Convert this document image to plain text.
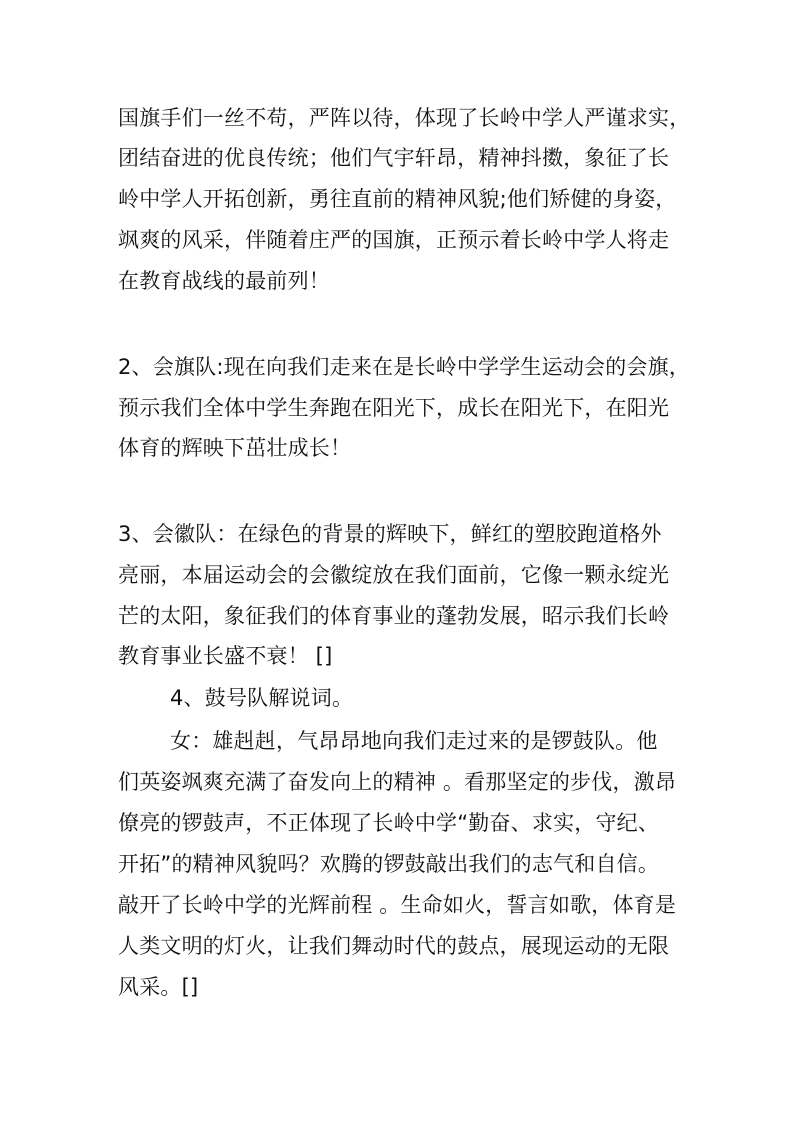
国旗手们一丝不苟，严阵以待，体现了长岭中学人严谨求实，
团结奋进的优良传统；他们气宇轩昂，精神抖擞，象征了长
岭中学人开拓创新，勇往直前的精神风貌;他们矫健的身姿，
飒爽的风采，伴随着庄严的国旗，正预示着长岭中学人将走
在教育战线的最前列！
2、会旗队:现在向我们走来在是长岭中学学生运动会的会旗，
预示我们全体中学生奔跑在阳光下，成长在阳光下，在阳光
体育的辉映下茁壮成长！
3、会徽队：在绿色的背景的辉映下，鲜红的塑胶跑道格外
亮丽，本届运动会的会徽绽放在我们面前，它像一颗永绽光
芒的太阳，象征我们的体育事业的蓬勃发展，昭示我们长岭
教育事业长盛不衰！ []
4、鼓号队解说词。
女：雄赳赳，气昂昂地向我们走过来的是锣鼓队。他
们英姿飒爽充满了奋发向上的精神 。看那坚定的步伐，激昂
僚亮的锣鼓声，不正体现了长岭中学“勤奋、求实，守纪、
开拓”的精神风貌吗？欢腾的锣鼓敲出我们的志气和自信。
敲开了长岭中学的光辉前程 。生命如火，誓言如歌，体育是
人类文明的灯火，让我们舞动时代的鼓点，展现运动的无限
风采。[]
